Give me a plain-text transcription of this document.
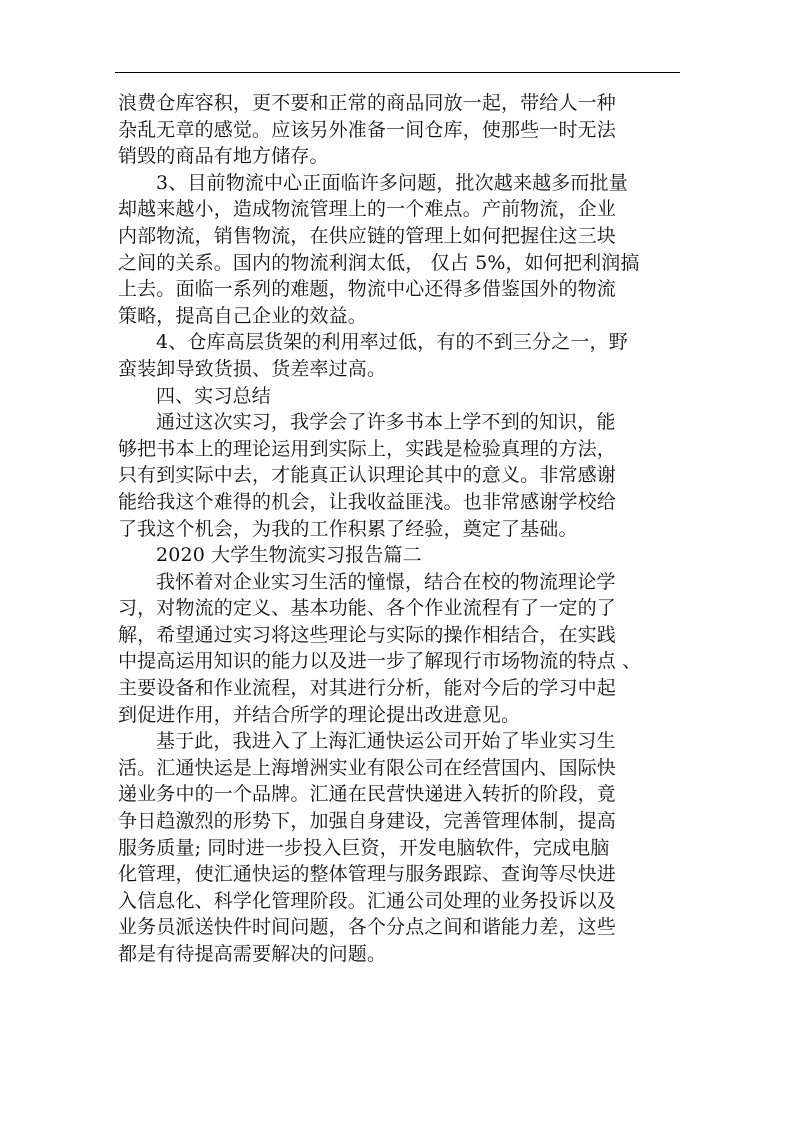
浪费仓库容积，更不要和正常的商品同放一起，带给人一种
杂乱无章的感觉。应该另外准备一间仓库，使那些一时无法
销毁的商品有地方储存。
3、目前物流中心正面临许多问题，批次越来越多而批量
却越来越小，造成物流管理上的一个难点。产前物流，企业
内部物流，销售物流，在供应链的管理上如何把握住这三块
之间的关系。国内的物流利润太低， 仅占 5%，如何把利润搞
上去。面临一系列的难题，物流中心还得多借鉴国外的物流
策略，提高自己企业的效益。
4、仓库高层货架的利用率过低，有的不到三分之一，野
蛮装卸导致货损、货差率过高。
四、实习总结
通过这次实习，我学会了许多书本上学不到的知识，能
够把书本上的理论运用到实际上，实践是检验真理的方法，
只有到实际中去，才能真正认识理论其中的意义。非常感谢
能给我这个难得的机会，让我收益匪浅。也非常感谢学校给
了我这个机会，为我的工作积累了经验，奠定了基础。
2020 大学生物流实习报告篇二
我怀着对企业实习生活的憧憬，结合在校的物流理论学
习，对物流的定义、基本功能、各个作业流程有了一定的了
解，希望通过实习将这些理论与实际的操作相结合，在实践
中提高运用知识的能力以及进一步了解现行市场物流的特点 、
主要设备和作业流程，对其进行分析，能对今后的学习中起
到促进作用，并结合所学的理论提出改进意见。
基于此，我进入了上海汇通快运公司开始了毕业实习生
活。汇通快运是上海增洲实业有限公司在经营国内、国际快
递业务中的一个品牌。汇通在民营快递进入转折的阶段，竟
争日趋激烈的形势下，加强自身建设，完善管理体制，提高
服务质量; 同时进一步投入巨资，开发电脑软件，完成电脑
化管理，使汇通快运的整体管理与服务跟踪、查询等尽快进
入信息化、科学化管理阶段。汇通公司处理的业务投诉以及
业务员派送快件时间问题，各个分点之间和谐能力差，这些
都是有待提高需要解决的问题。
